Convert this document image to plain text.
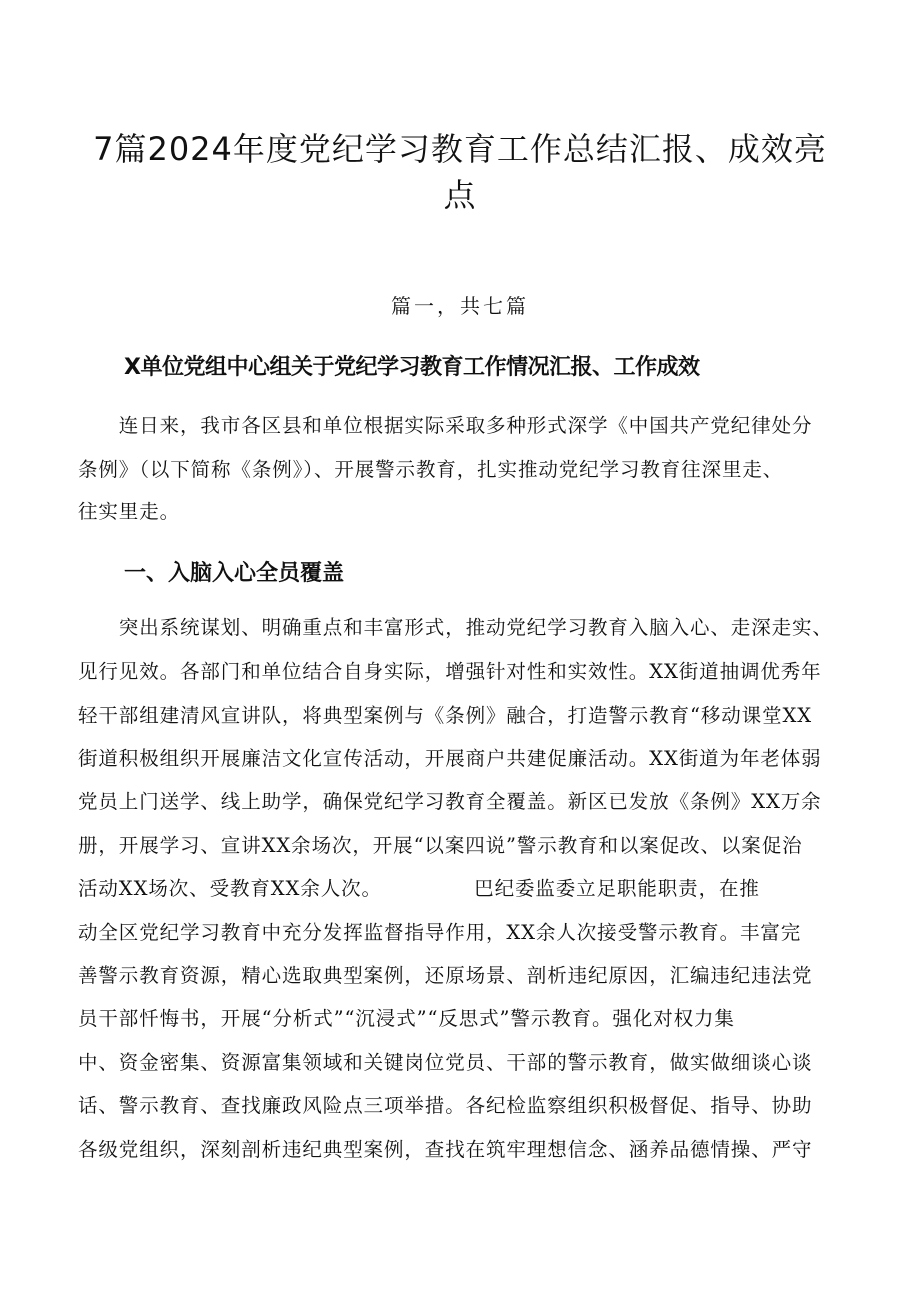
7篇2024年度党纪学习教育工作总结汇报、成效亮
点
篇一，共七篇
X单位党组中心组关于党纪学习教育工作情况汇报、工作成效
　　连日来，我市各区县和单位根据实际采取多种形式深学《中国共产党纪律处分
条例》（以下简称《条例》）、开展警示教育，扎实推动党纪学习教育往深里走、
往实里走。
一、入脑入心全员覆盖
　　突出系统谋划、明确重点和丰富形式，推动党纪学习教育入脑入心、走深走实、
见行见效。各部门和单位结合自身实际，增强针对性和实效性。XX街道抽调优秀年
轻干部组建清风宣讲队，将典型案例与《条例》融合，打造警示教育“移动课堂XX
街道积极组织开展廉洁文化宣传活动，开展商户共建促廉活动。XX街道为年老体弱
党员上门送学、线上助学，确保党纪学习教育全覆盖。新区已发放《条例》XX万余
册，开展学习、宣讲XX余场次，开展“以案四说”警示教育和以案促改、以案促治
活动XX场次、受教育XX余人次。　　　　　巴纪委监委立足职能职责，在推
动全区党纪学习教育中充分发挥监督指导作用，XX余人次接受警示教育。丰富完
善警示教育资源，精心选取典型案例，还原场景、剖析违纪原因，汇编违纪违法党
员干部忏悔书，开展“分析式”“沉浸式”“反思式”警示教育。强化对权力集
中、资金密集、资源富集领域和关键岗位党员、干部的警示教育，做实做细谈心谈
话、警示教育、查找廉政风险点三项举措。各纪检监察组织积极督促、指导、协助
各级党组织，深刻剖析违纪典型案例，查找在筑牢理想信念、涵养品德情操、严守
